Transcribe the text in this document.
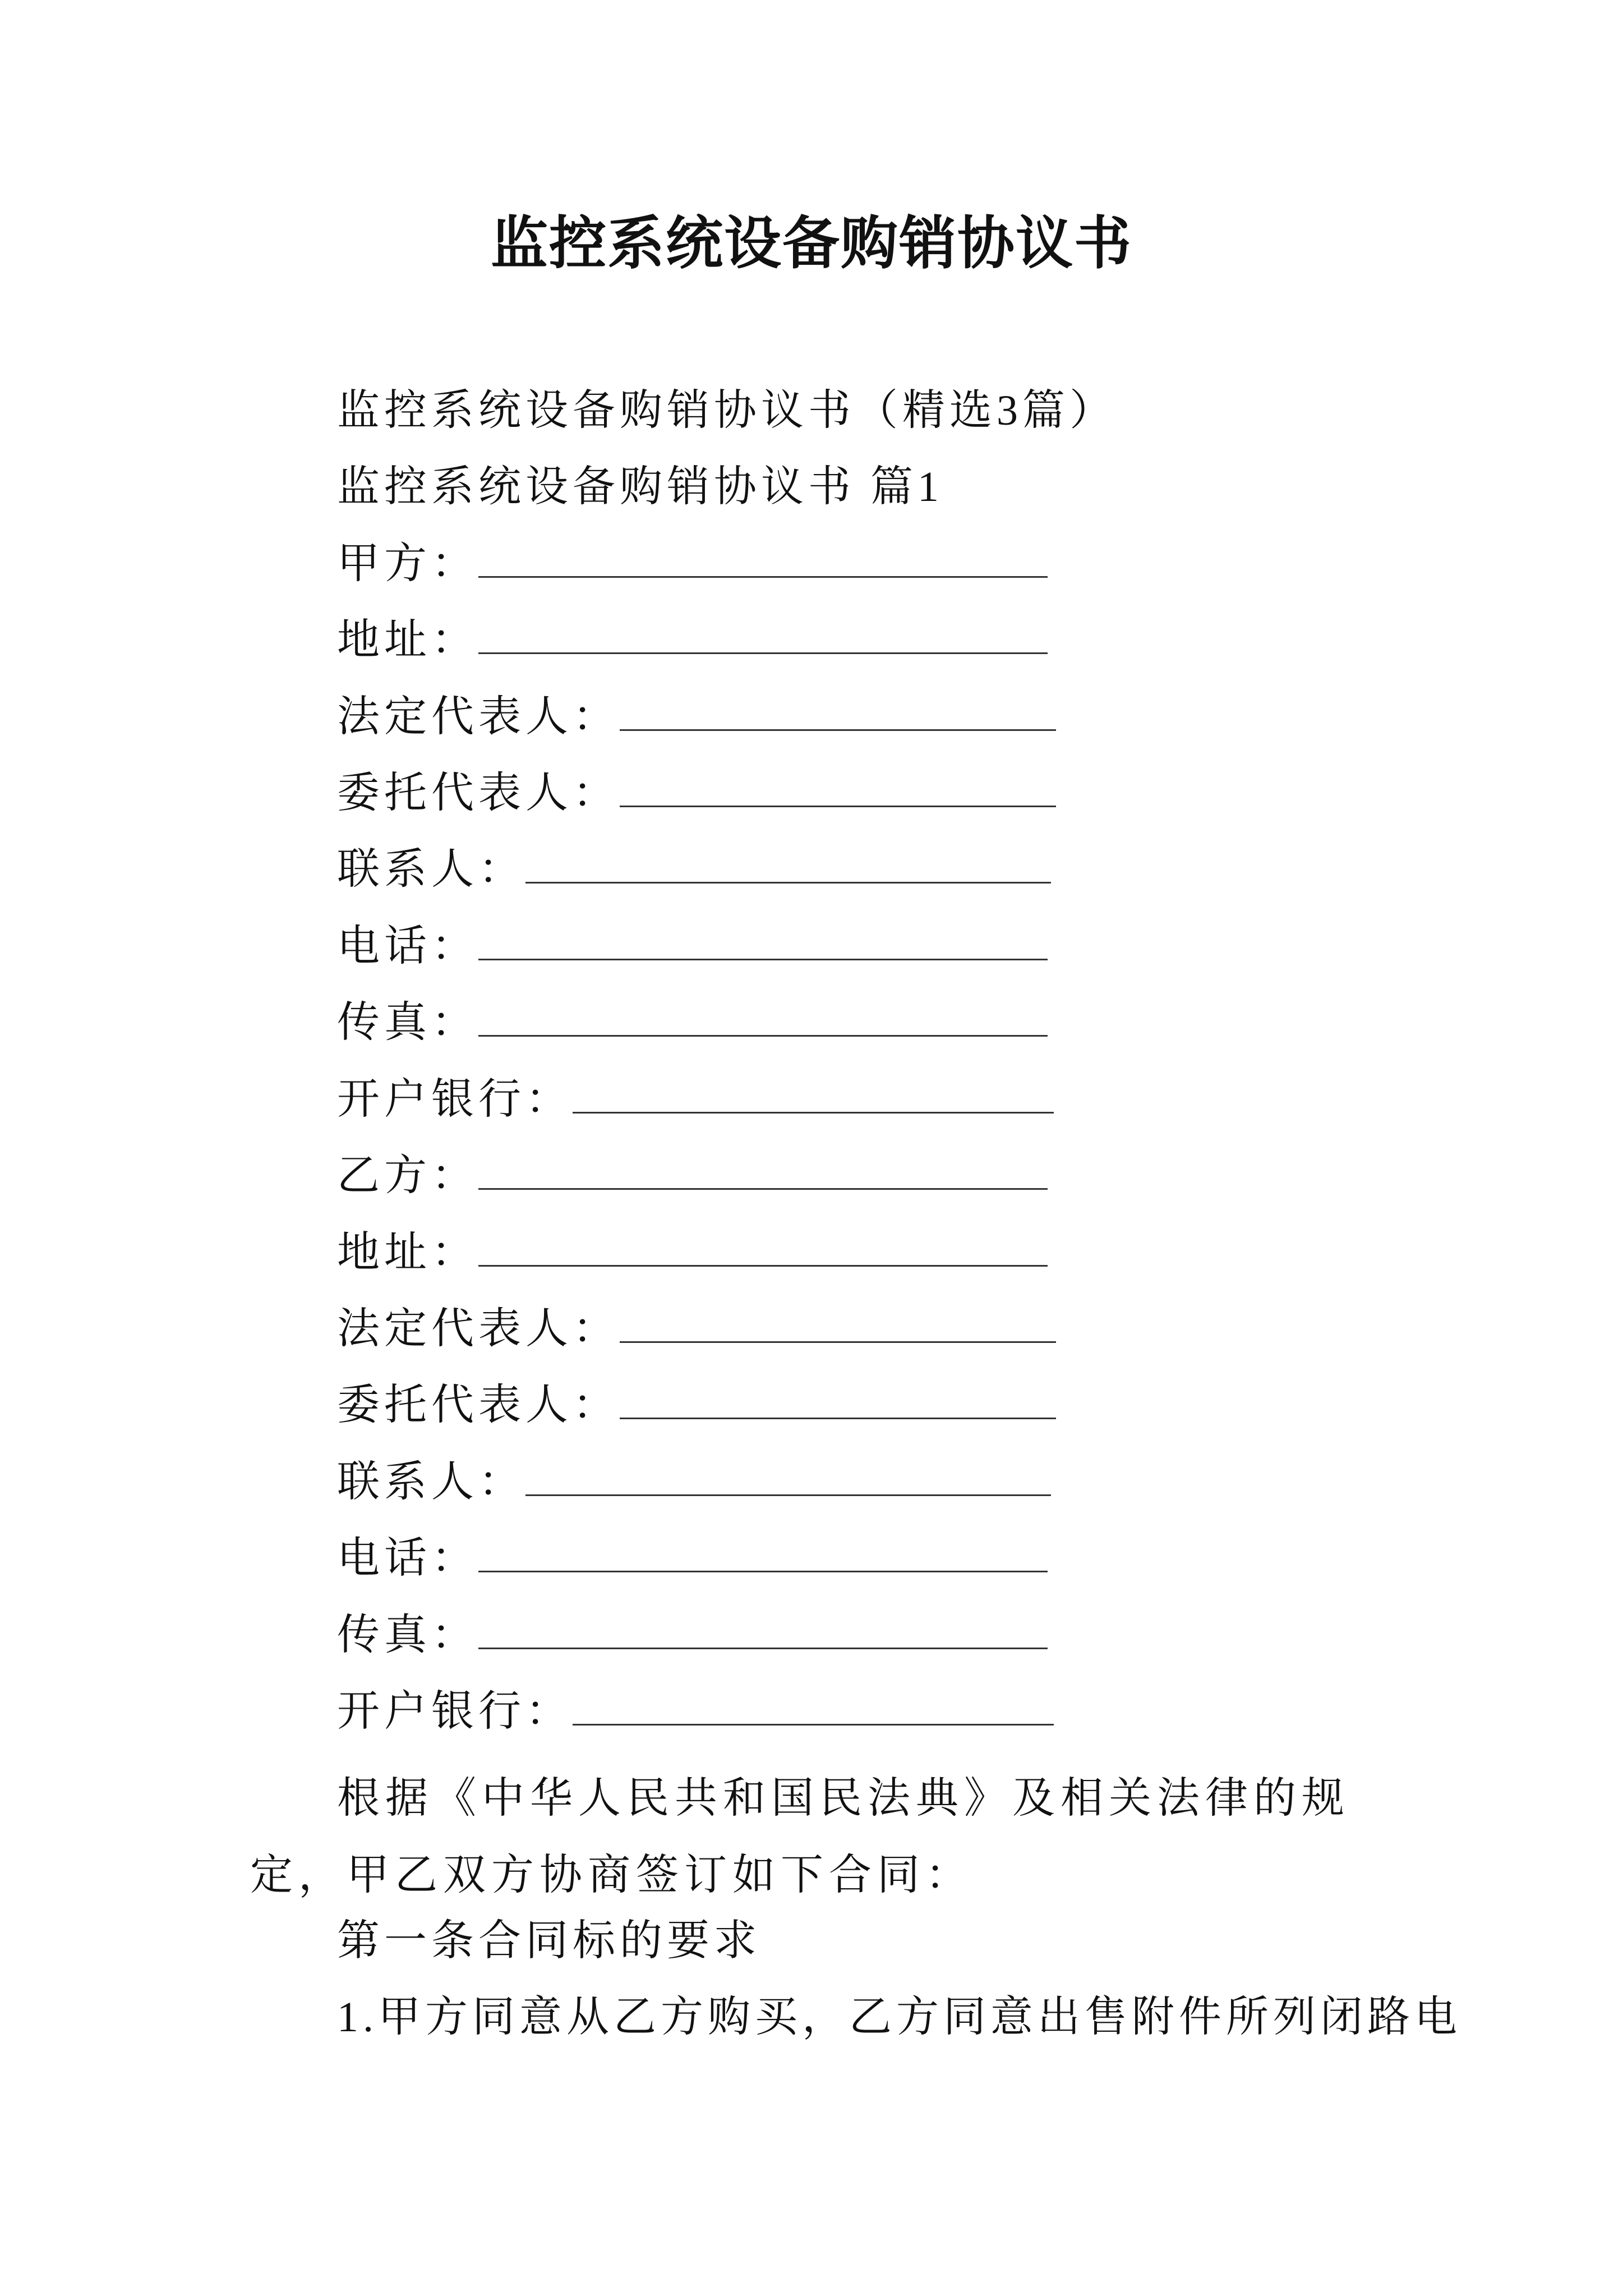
监控系统设备购销协议书
监控系统设备购销协议书（精选3篇）
监控系统设备购销协议书 篇1
甲方：
地址：
法定代表人：
委托代表人：
联系人：
电话：
传真：
开户银行：
乙方：
地址：
法定代表人：
委托代表人：
联系人：
电话：
传真：
开户银行：
根据《中华人民共和国民法典》及相关法律的规定，甲乙双方协商签订如下合同：
第一条合同标的要求
1.甲方同意从乙方购买，乙方同意出售附件所列闭路电
